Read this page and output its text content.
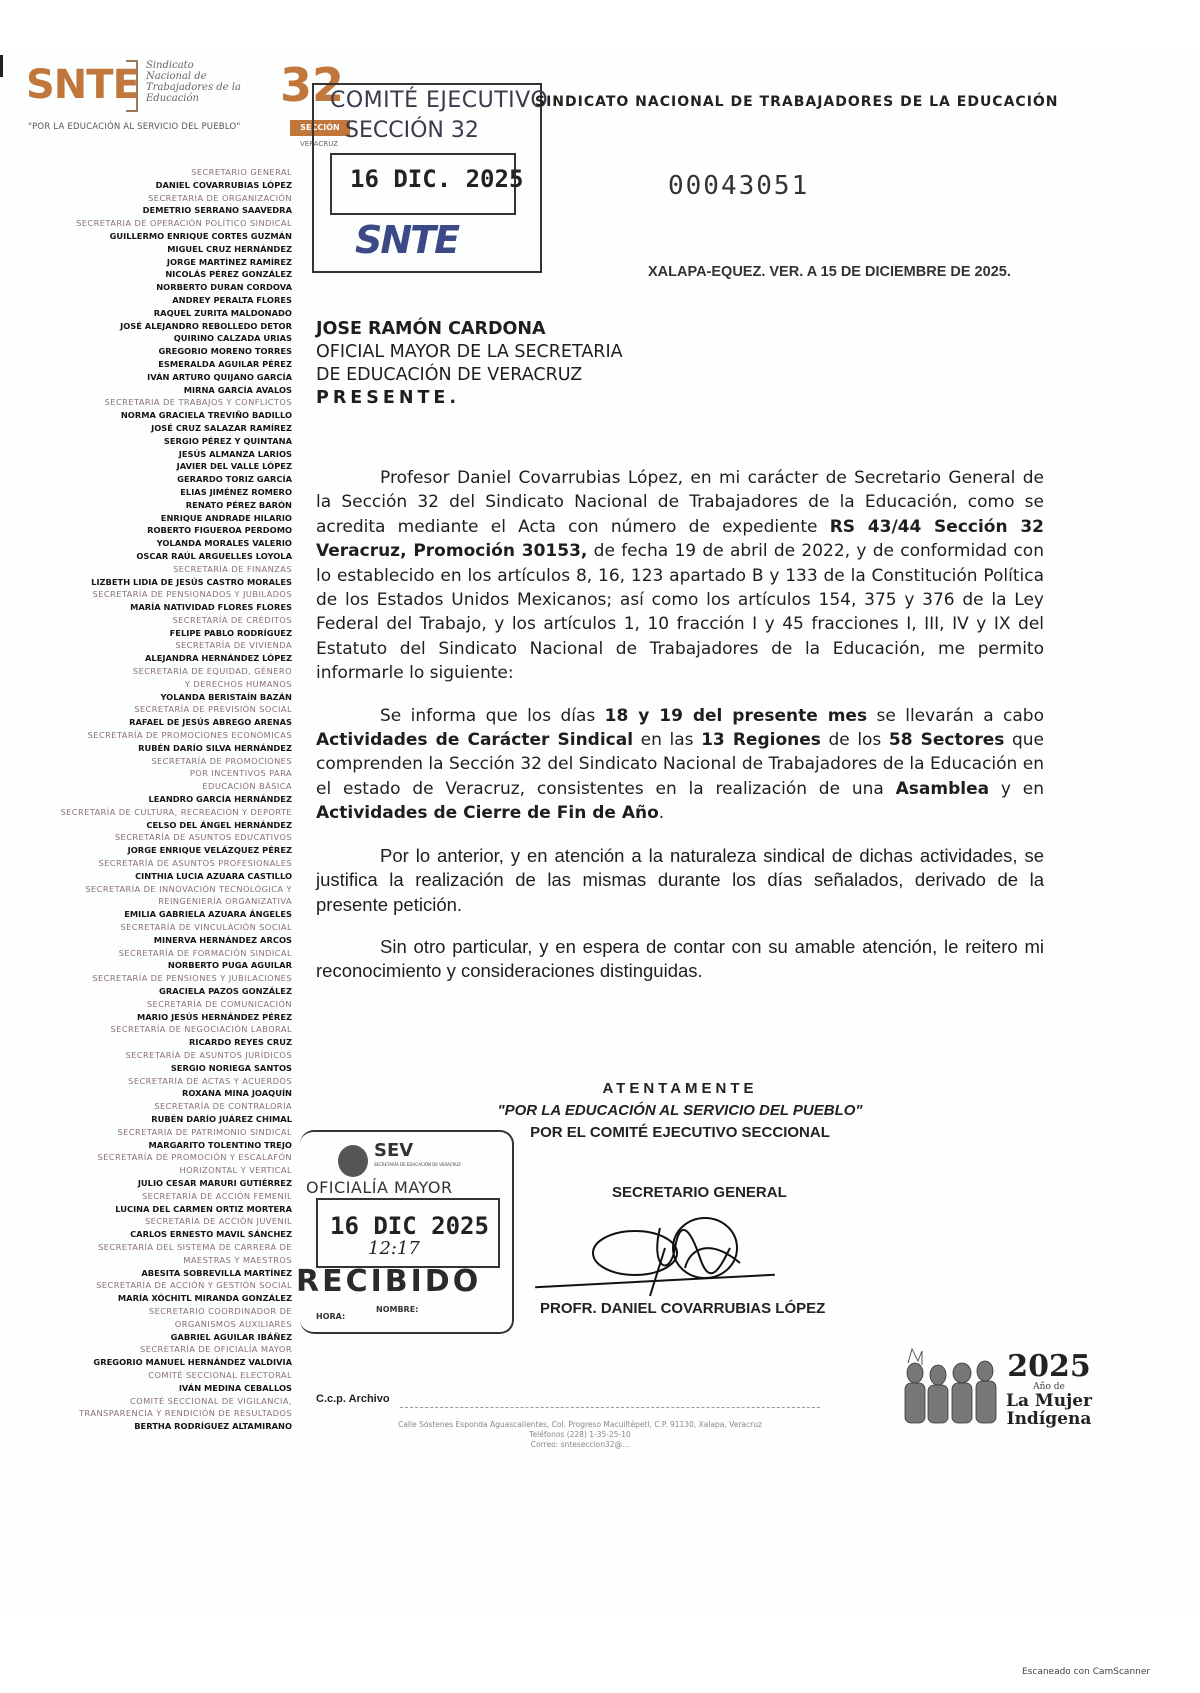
SNTE Sindicato
Nacional de
Trabajadores de la
Educación
"POR LA EDUCACIÓN AL SERVICIO DEL PUEBLO"
32
SECCIÓN
VERACRUZ
COMITÉ EJECUTIVO
SECCIÓN 32
16 DIC. 2025
SNTE
SINDICATO NACIONAL DE TRABAJADORES DE LA EDUCACIÓN
00043051
XALAPA-EQUEZ. VER. A 15 DE DICIEMBRE DE 2025.
SECRETARIO GENERAL
DANIEL COVARRUBIAS LÓPEZ
SECRETARIA DE ORGANIZACIÓN
DEMETRIO SERRANO SAAVEDRA
SECRETARIA DE OPERACIÓN POLÍTICO SINDICAL
GUILLERMO ENRIQUE CORTES GUZMÁN
MIGUEL CRUZ HERNÁNDEZ
JORGE MARTÍNEZ RAMÍREZ
NICOLÁS PÉREZ GONZÁLEZ
NORBERTO DURAN CORDOVA
ANDREY PERALTA FLORES
RAQUEL ZURITA MALDONADO
JOSÉ ALEJANDRO REBOLLEDO DETOR
QUIRINO CALZADA URIAS
GREGORIO MORENO TORRES
ESMERALDA AGUILAR PÉREZ
IVÁN ARTURO QUIJANO GARCÍA
MIRNA GARCÍA AVALOS
SECRETARIA DE TRABAJOS Y CONFLICTOS
NORMA GRACIELA TREVIÑO BADILLO
JOSÉ CRUZ SALAZAR RAMÍREZ
SERGIO PÉREZ Y QUINTANA
JESÚS ALMANZA LARIOS
JAVIER DEL VALLE LÓPEZ
GERARDO TORIZ GARCÍA
ELIAS JIMÉNEZ ROMERO
RENATO PÉREZ BARÓN
ENRIQUE ANDRADE HILARIO
ROBERTO FIGUEROA PERDOMO
YOLANDA MORALES VALERIO
OSCAR RAÚL ARGUELLES LOYOLA
SECRETARÍA DE FINANZAS
LIZBETH LIDIA DE JESÚS CASTRO MORALES
SECRETARÍA DE PENSIONADOS Y JUBILADOS
MARÍA NATIVIDAD FLORES FLORES
SECRETARÍA DE CRÉDITOS
FELIPE PABLO RODRÍGUEZ
SECRETARÍA DE VIVIENDA
ALEJANDRA HERNÁNDEZ LÓPEZ
SECRETARÍA DE EQUIDAD, GÉNERO
Y DERECHOS HUMANOS
YOLANDA BERISTAÍN BAZÁN
SECRETARÍA DE PREVISIÓN SOCIAL
RAFAEL DE JESÚS ABREGO ARENAS
SECRETARÍA DE PROMOCIONES ECONÓMICAS
RUBÉN DARÍO SILVA HERNÁNDEZ
SECRETARÍA DE PROMOCIONES
POR INCENTIVOS PARA
EDUCACIÓN BÁSICA
LEANDRO GARCÍA HERNÁNDEZ
SECRETARÍA DE CULTURA, RECREACIÓN Y DEPORTE
CELSO DEL ÁNGEL HERNÁNDEZ
SECRETARÍA DE ASUNTOS EDUCATIVOS
JORGE ENRIQUE VELÁZQUEZ PÉREZ
SECRETARÍA DE ASUNTOS PROFESIONALES
CINTHIA LUCIA AZUARA CASTILLO
SECRETARÍA DE INNOVACIÓN TECNOLÓGICA Y
REINGENIERÍA ORGANIZATIVA
EMILIA GABRIELA AZUARA ÁNGELES
SECRETARÍA DE VINCULACIÓN SOCIAL
MINERVA HERNÁNDEZ ARCOS
SECRETARÍA DE FORMACIÓN SINDICAL
NORBERTO PUGA AGUILAR
SECRETARÍA DE PENSIONES Y JUBILACIONES
GRACIELA PAZOS GONZÁLEZ
SECRETARÍA DE COMUNICACIÓN
MARIO JESÚS HERNÁNDEZ PÉREZ
SECRETARÍA DE NEGOCIACIÓN LABORAL
RICARDO REYES CRUZ
SECRETARÍA DE ASUNTOS JURÍDICOS
SERGIO NORIEGA SANTOS
SECRETARÍA DE ACTAS Y ACUERDOS
ROXANA MINA JOAQUÍN
SECRETARÍA DE CONTRALORÍA
RUBÉN DARÍO JUÁREZ CHIMAL
SECRETARÍA DE PATRIMONIO SINDICAL
MARGARITO TOLENTINO TREJO
SECRETARÍA DE PROMOCIÓN Y ESCALAFÓN
HORIZONTAL Y VERTICAL
JULIO CESAR MARURI GUTIÉRREZ
SECRETARÍA DE ACCIÓN FEMENIL
LUCINA DEL CARMEN ORTIZ MORTERA
SECRETARÍA DE ACCIÓN JUVENIL
CARLOS ERNESTO MAVIL SÁNCHEZ
SECRETARÍA DEL SISTEMA DE CARRERA DE
MAESTRAS Y MAESTROS
ABESITA SOBREVILLA MARTÍNEZ
SECRETARÍA DE ACCIÓN Y GESTIÓN SOCIAL
MARÍA XÓCHITL MIRANDA GONZÁLEZ
SECRETARIO COORDINADOR DE
ORGANISMOS AUXILIARES
GABRIEL AGUILAR IBÁÑEZ
SECRETARÍA DE OFICIALÍA MAYOR
GREGORIO MANUEL HERNÁNDEZ VALDIVIA
COMITÉ SECCIONAL ELECTORAL
IVÁN MEDINA CEBALLOS
COMITÉ SECCIONAL DE VIGILANCIA,
TRANSPARENCIA Y RENDICIÓN DE RESULTADOS
BERTHA RODRÍGUEZ ALTAMIRANO
JOSE RAMÓN CARDONA
OFICIAL MAYOR DE LA SECRETARIA
DE EDUCACIÓN DE VERACRUZ
PRESENTE.

Profesor Daniel Covarrubias López, en mi carácter de Secretario General de la Sección 32 del Sindicato Nacional de Trabajadores de la Educación, como se acredita mediante el Acta con número de expediente RS 43/44 Sección 32 Veracruz, Promoción 30153, de fecha 19 de abril de 2022, y de conformidad con lo establecido en los artículos 8, 16, 123 apartado B y 133 de la Constitución Política de los Estados Unidos Mexicanos; así como los artículos 154, 375 y 376 de la Ley Federal del Trabajo, y los artículos 1, 10 fracción I y 45 fracciones I, III, IV y IX del Estatuto del Sindicato Nacional de Trabajadores de la Educación, me permito informarle lo siguiente:

Se informa que los días 18 y 19 del presente mes se llevarán a cabo Actividades de Carácter Sindical en las 13 Regiones de los 58 Sectores que comprenden la Sección 32 del Sindicato Nacional de Trabajadores de la Educación en el estado de Veracruz, consistentes en la realización de una Asamblea y en Actividades de Cierre de Fin de Año.

Por lo anterior, y en atención a la naturaleza sindical de dichas actividades, se justifica la realización de las mismas durante los días señalados, derivado de la presente petición.

Sin otro particular, y en espera de contar con su amable atención, le reitero mi reconocimiento y consideraciones distinguidas.

SEV
SECRETARÍA DE EDUCACIÓN DE VERACRUZ
OFICIALÍA MAYOR
16 DIC 2025
12:17
RECIBIDO
HORA:
NOMBRE:
ATENTAMENTE
"POR LA EDUCACIÓN AL SERVICIO DEL PUEBLO"
POR EL COMITÉ EJECUTIVO SECCIONAL
SECRETARIO GENERAL
PROFR. DANIEL COVARRUBIAS LÓPEZ
C.c.p. Archivo
Calle Sóstenes Esponda Aguascalientes, Col. Progreso Macuiltépetl, C.P. 91130, Xalapa, Veracruz
Teléfonos (228) 1-35-25-10
Correo: snteseccion32@...
2025
Año de
La Mujer
Indígena
Escaneado con CamScanner
